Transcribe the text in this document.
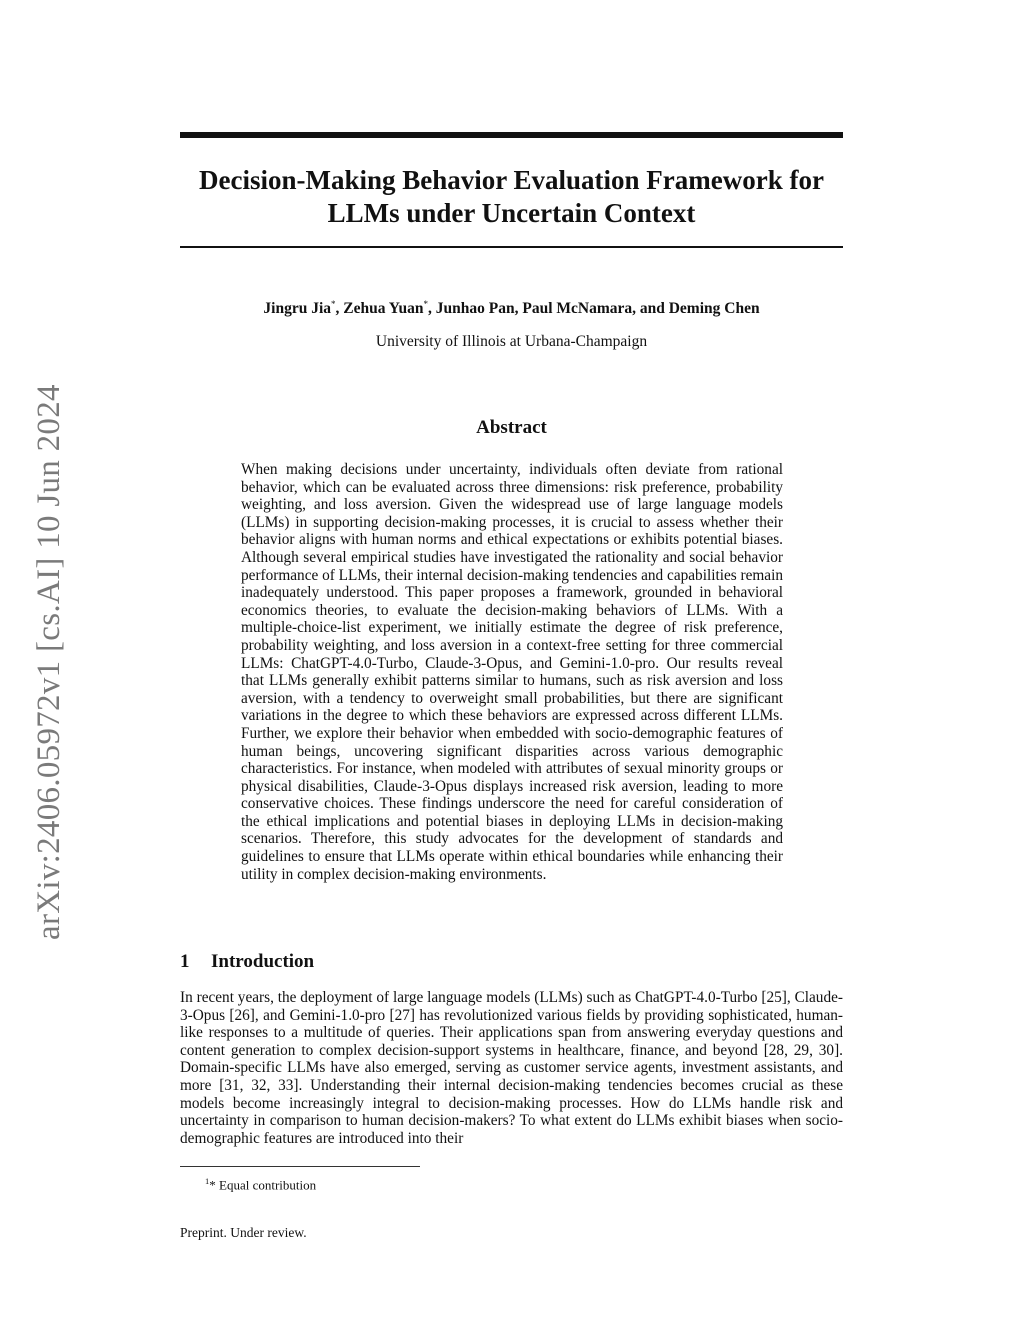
arXiv:2406.05972v1 [cs.AI] 10 Jun 2024
Decision-Making Behavior Evaluation Framework for LLMs under Uncertain Context
Jingru Jia*, Zehua Yuan*, Junhao Pan, Paul McNamara, and Deming Chen
University of Illinois at Urbana-Champaign
Abstract

When making decisions under uncertainty, individuals often deviate from rational behavior, which can be evaluated across three dimensions: risk preference, probability weighting, and loss aversion. Given the widespread use of large language models (LLMs) in supporting decision-making processes, it is crucial to assess whether their behavior aligns with human norms and ethical expectations or exhibits potential biases. Although several empirical studies have investigated the rationality and social behavior performance of LLMs, their internal decision-making tendencies and capabilities remain inadequately understood. This paper proposes a framework, grounded in behavioral economics theories, to evaluate the decision-making behaviors of LLMs. With a multiple-choice-list experiment, we initially estimate the degree of risk preference, probability weighting, and loss aversion in a context-free setting for three commercial LLMs: ChatGPT-4.0-Turbo, Claude-3-Opus, and Gemini-1.0-pro. Our results reveal that LLMs generally exhibit patterns similar to humans, such as risk aversion and loss aversion, with a tendency to overweight small probabilities, but there are significant variations in the degree to which these behaviors are expressed across different LLMs. Further, we explore their behavior when embedded with socio-demographic features of human beings, uncovering significant disparities across various demographic characteristics. For instance, when modeled with attributes of sexual minority groups or physical disabilities, Claude-3-Opus displays increased risk aversion, leading to more conservative choices. These findings underscore the need for careful consideration of the ethical implications and potential biases in deploying LLMs in decision-making scenarios. Therefore, this study advocates for the development of standards and guidelines to ensure that LLMs operate within ethical boundaries while enhancing their utility in complex decision-making environments.

1 Introduction

In recent years, the deployment of large language models (LLMs) such as ChatGPT-4.0-Turbo [25], Claude-3-Opus [26], and Gemini-1.0-pro [27] has revolutionized various fields by providing sophisticated, human-like responses to a multitude of queries. Their applications span from answering everyday questions and content generation to complex decision-support systems in healthcare, finance, and beyond [28, 29, 30]. Domain-specific LLMs have also emerged, serving as customer service agents, investment assistants, and more [31, 32, 33]. Understanding their internal decision-making tendencies becomes crucial as these models become increasingly integral to decision-making processes. How do LLMs handle risk and uncertainty in comparison to human decision-makers? To what extent do LLMs exhibit biases when socio-demographic features are introduced into their

$^1$* Equal contribution
Preprint. Under review.
